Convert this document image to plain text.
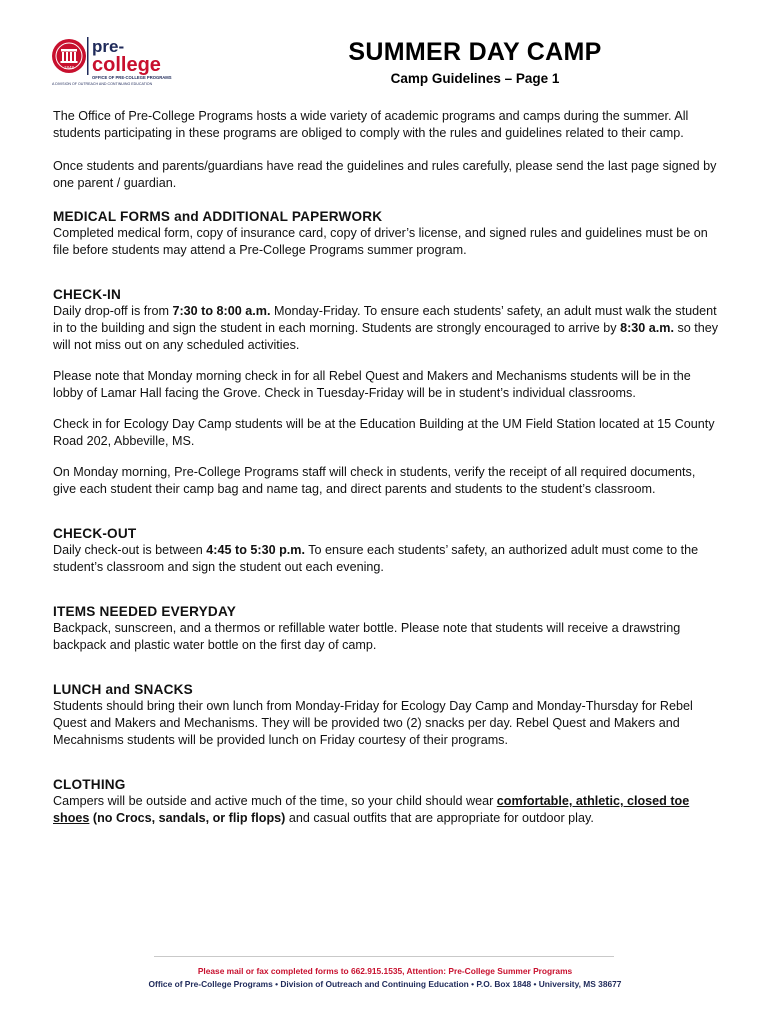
1848
pre-
college
OFFICE OF PRE-COLLEGE PROGRAMS
A DIVISION OF OUTREACH AND CONTINUING EDUCATION
SUMMER DAY CAMP
Camp Guidelines – Page 1

The Office of Pre-College Programs hosts a wide variety of academic programs and camps during the summer. All students participating in these programs are obliged to comply with the rules and guidelines related to their camp.

Once students and parents/guardians have read the guidelines and rules carefully, please send the last page signed by one parent / guardian.

MEDICAL FORMS and ADDITIONAL PAPERWORK

Completed medical form, copy of insurance card, copy of driver’s license, and signed rules and guidelines must be on file before students may attend a Pre-College Programs summer program.

CHECK-IN

Daily drop-off is from 7:30 to 8:00 a.m. Monday-Friday. To ensure each students’ safety, an adult must walk the student in to the building and sign the student in each morning. Students are strongly encouraged to arrive by 8:30 a.m. so they will not miss out on any scheduled activities.

Please note that Monday morning check in for all Rebel Quest and Makers and Mechanisms students will be in the lobby of Lamar Hall facing the Grove. Check in Tuesday-Friday will be in student’s individual classrooms.

Check in for Ecology Day Camp students will be at the Education Building at the UM Field Station located at 15 County Road 202, Abbeville, MS.

On Monday morning, Pre-College Programs staff will check in students, verify the receipt of all required documents, give each student their camp bag and name tag, and direct parents and students to the student’s classroom.

CHECK-OUT

Daily check-out is between 4:45 to 5:30 p.m. To ensure each students’ safety, an authorized adult must come to the student’s classroom and sign the student out each evening.

ITEMS NEEDED EVERYDAY

Backpack, sunscreen, and a thermos or refillable water bottle. Please note that students will receive a drawstring backpack and plastic water bottle on the first day of camp.

LUNCH and SNACKS

Students should bring their own lunch from Monday-Friday for Ecology Day Camp and Monday-Thursday for Rebel Quest and Makers and Mechanisms. They will be provided two (2) snacks per day. Rebel Quest and Makers and Mecahnisms students will be provided lunch on Friday courtesy of their programs.

CLOTHING

Campers will be outside and active much of the time, so your child should wear comfortable, athletic, closed toe shoes (no Crocs, sandals, or flip flops) and casual outfits that are appropriate for outdoor play.

Please mail or fax completed forms to 662.915.1535, Attention: Pre-College Summer Programs
Office of Pre-College Programs • Division of Outreach and Continuing Education • P.O. Box 1848 • University, MS 38677
